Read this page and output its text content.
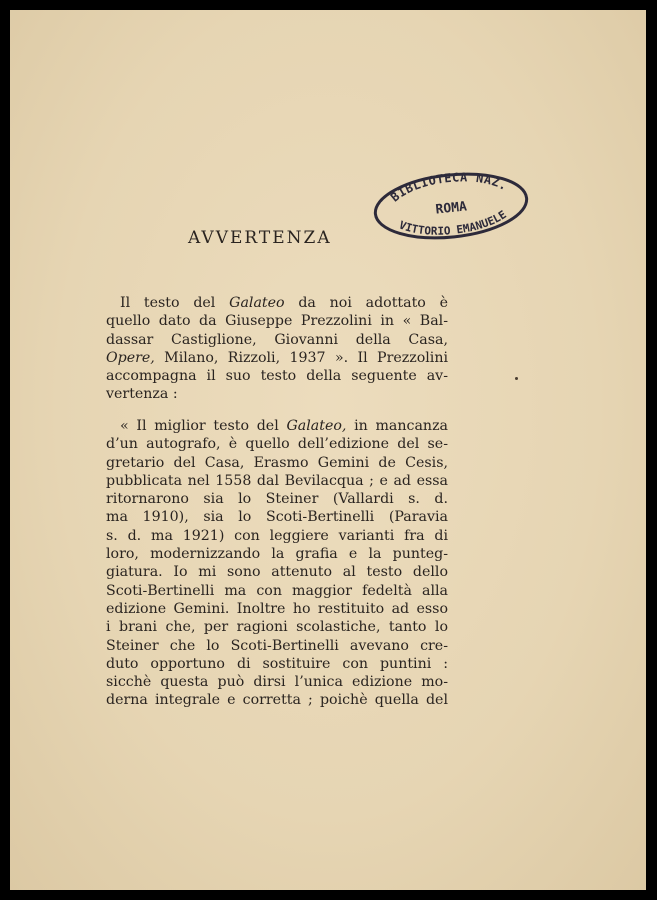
BIBLIOTECA NAZ.
ROMA
VITTORIO EMANUELE
AVVERTENZA
Il testo del Galateo da noi adottato è
quello dato da Giuseppe Prezzolini in « Bal-
dassar Castiglione, Giovanni della Casa,
Opere, Milano, Rizzoli, 1937 ». Il Prezzolini
accompagna il suo testo della seguente av-
vertenza :
« Il miglior testo del Galateo, in mancanza
d’un autografo, è quello dell’edizione del se-
gretario del Casa, Erasmo Gemini de Cesis,
pubblicata nel 1558 dal Bevilacqua ; e ad essa
ritornarono sia lo Steiner (Vallardi s. d.
ma 1910), sia lo Scoti-Bertinelli (Paravia
s. d. ma 1921) con leggiere varianti fra di
loro, modernizzando la grafia e la punteg-
giatura. Io mi sono attenuto al testo dello
Scoti-Bertinelli ma con maggior fedeltà alla
edizione Gemini. Inoltre ho restituito ad esso
i brani che, per ragioni scolastiche, tanto lo
Steiner che lo Scoti-Bertinelli avevano cre-
duto opportuno di sostituire con puntini :
sicchè questa può dirsi l’unica edizione mo-
derna integrale e corretta ; poichè quella del
